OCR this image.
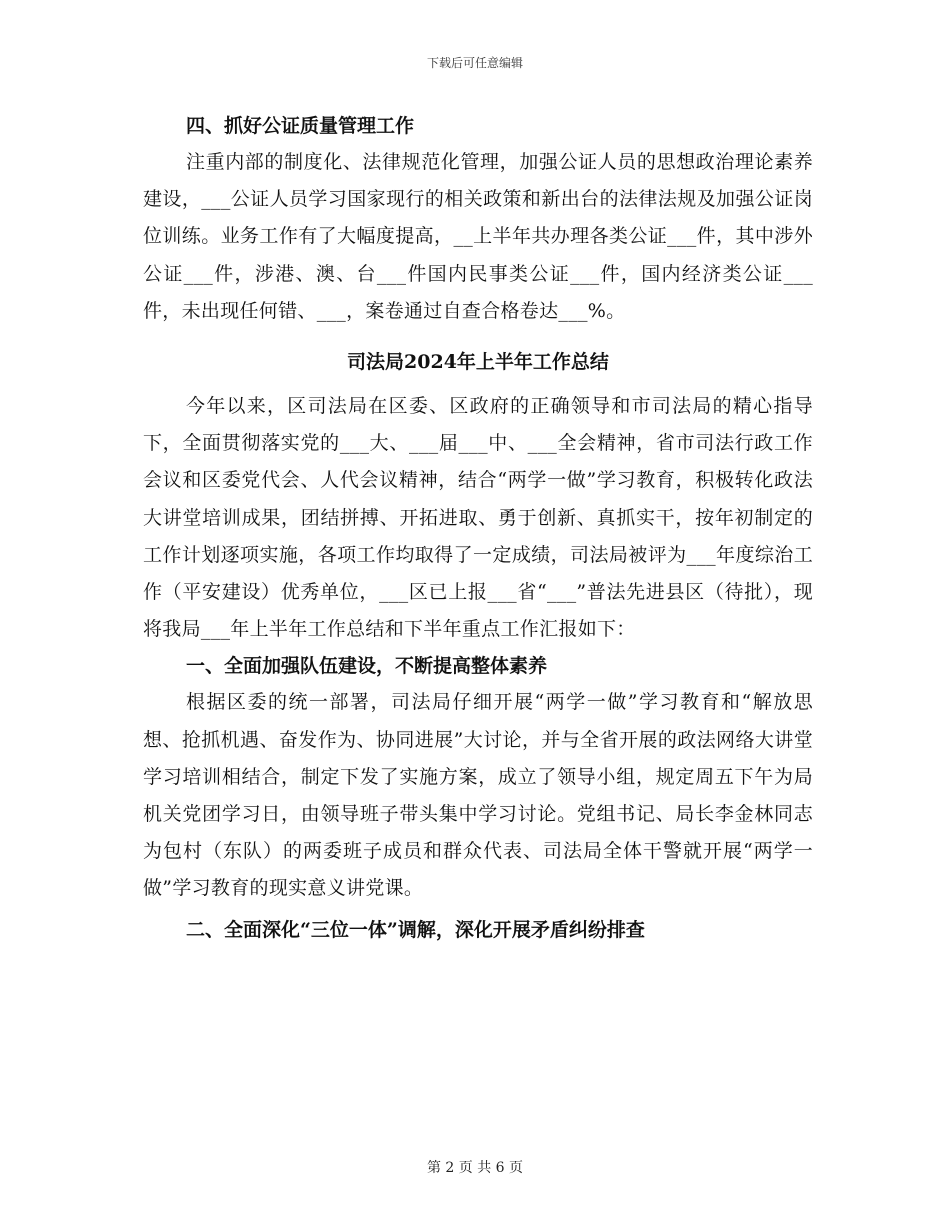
下载后可任意编辑
四、抓好公证质量管理工作

注重内部的制度化、法律规范化管理，加强公证人员的思想政治理论素养建设，___公证人员学习国家现行的相关政策和新出台的法律法规及加强公证岗位训练。业务工作有了大幅度提高，__上半年共办理各类公证___件，其中涉外公证___件，涉港、澳、台___件国内民事类公证___件，国内经济类公证___件，未出现任何错、___，案卷通过自查合格卷达___%。

司法局2024年上半年工作总结

今年以来，区司法局在区委、区政府的正确领导和市司法局的精心指导下，全面贯彻落实党的___大、___届___中、___全会精神，省市司法行政工作会议和区委党代会、人代会议精神，结合“两学一做”学习教育，积极转化政法大讲堂培训成果，团结拼搏、开拓进取、勇于创新、真抓实干，按年初制定的工作计划逐项实施，各项工作均取得了一定成绩，司法局被评为___年度综治工作（平安建设）优秀单位，___区已上报___省“___”普法先进县区（待批），现将我局___年上半年工作总结和下半年重点工作汇报如下：

一、全面加强队伍建设，不断提高整体素养

根据区委的统一部署，司法局仔细开展“两学一做”学习教育和“解放思想、抢抓机遇、奋发作为、协同进展”大讨论，并与全省开展的政法网络大讲堂学习培训相结合，制定下发了实施方案，成立了领导小组，规定周五下午为局机关党团学习日，由领导班子带头集中学习讨论。党组书记、局长李金林同志为包村（东队）的两委班子成员和群众代表、司法局全体干警就开展“两学一做”学习教育的现实意义讲党课。

二、全面深化“三位一体”调解，深化开展矛盾纠纷排查
第 2 页 共 6 页
